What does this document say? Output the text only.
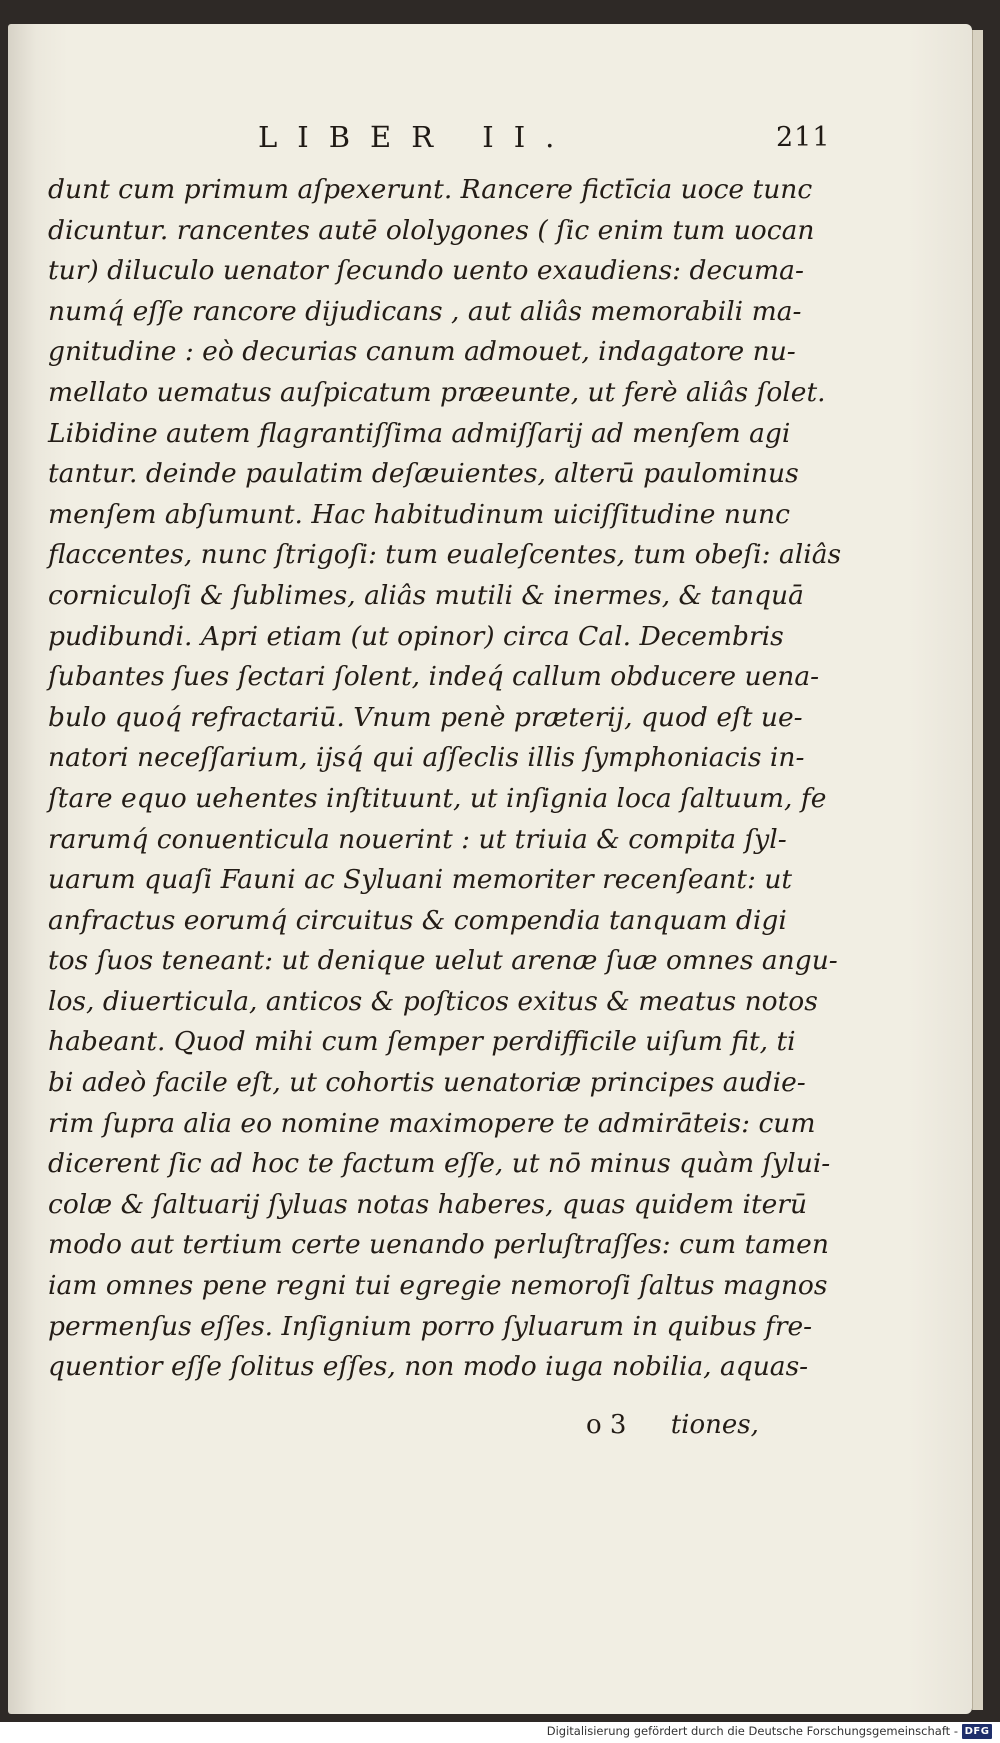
LIBER II.	211
dunt cum primum aſpexerunt. Rancere fictīcia uoce tunc
dicuntur. rancentes autē ololygones ( ſic enim tum uocan
tur) diluculo uenator ſecundo uento exaudiens: decuma-
numq́ eſſe rancore dijudicans , aut aliâs memorabili ma-
gnitudine : eò decurias canum admouet, indagatore nu-
mellato uematus auſpicatum præeunte, ut ferè aliâs ſolet.
Libidine autem flagrantiſſima admiſſarij ad menſem agi
tantur. deinde paulatim deſæuientes, alterū paulominus
menſem abſumunt. Hac habitudinum uiciſſitudine nunc
flaccentes, nunc ſtrigoſi: tum eualeſcentes, tum obeſi: aliâs
corniculoſi & ſublimes, aliâs mutili & inermes, & tanquā
pudibundi. Apri etiam (ut opinor) circa Cal. Decembris
ſubantes ſues ſectari ſolent, indeq́ callum obducere uena-
bulo quoq́ refractariū. Vnum penè præterij, quod eſt ue-
natori neceſſarium, ijsq́ qui aſſeclis illis ſymphoniacis in-
ſtare equo uehentes inſtituunt, ut inſignia loca ſaltuum, fe
rarumq́ conuenticula nouerint : ut triuia & compita ſyl-
uarum quaſi Fauni ac Syluani memoriter recenſeant: ut
anfractus eorumq́ circuitus & compendia tanquam digi
tos ſuos teneant: ut denique uelut arenæ ſuæ omnes angu-
los, diuerticula, anticos & poſticos exitus & meatus notos
habeant. Quod mihi cum ſemper perdifficile uiſum fit, ti
bi adeò facile eſt, ut cohortis uenatoriæ principes audie-
rim ſupra alia eo nomine maximopere te admirāteis: cum
dicerent ſic ad hoc te factum eſſe, ut nō minus quàm ſylui-
colæ & ſaltuarij ſyluas notas haberes, quas quidem iterū
modo aut tertium certe uenando perluſtraſſes: cum tamen
iam omnes pene regni tui egregie nemoroſi ſaltus magnos
permenſus eſſes. Inſignium porro ſyluarum in quibus fre-
quentior eſſe ſolitus eſſes, non modo iuga nobilia, aquas-
o 3 tiones,
Digitalisierung gefördert durch die Deutsche Forschungsgemeinschaft - DFG
